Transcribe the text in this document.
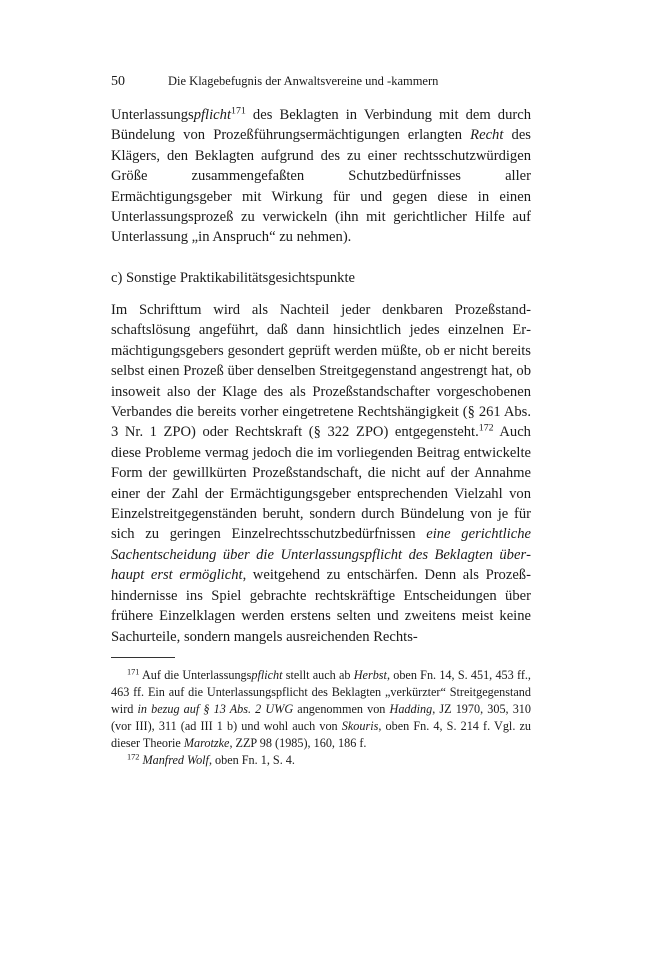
50	Die Klagebefugnis der Anwaltsvereine und -kammern

Unterlassungspflicht$^{171}$ des Beklagten in Verbindung mit dem durch Bündelung von Prozeßführungsermächtigungen erlangten Recht des Klägers, den Beklagten aufgrund des zu einer rechtsschutzwürdigen Größe zusammengefaßten Schutzbedürfnisses aller Ermächtigungsgeber mit Wirkung für und gegen diese in einen Unterlassungsprozeß zu verwickeln (ihn mit gerichtlicher Hilfe auf Unterlassung „in Anspruch“ zu nehmen).

c) Sonstige Praktikabilitätsgesichtspunkte

Im Schrifttum wird als Nachteil jeder denkbaren Prozeßstandschaftslösung angeführt, daß dann hinsichtlich jedes einzelnen Ermächtigungsgebers gesondert geprüft werden müßte, ob er nicht bereits selbst einen Prozeß über denselben Streitgegenstand angestrengt hat, ob insoweit also der Klage des als Prozeßstandschafter vorgeschobenen Verbandes die bereits vorher eingetretene Rechtshängigkeit (§ 261 Abs. 3 Nr. 1 ZPO) oder Rechtskraft (§ 322 ZPO) entgegensteht.$^{172}$ Auch diese Probleme vermag jedoch die im vorliegenden Beitrag entwickelte Form der gewillkürten Prozeßstandschaft, die nicht auf der Annahme einer der Zahl der Ermächtigungsgeber entsprechenden Vielzahl von Einzelstreitgegenständen beruht, sondern durch Bündelung von je für sich zu geringen Einzelrechtsschutzbedürfnissen eine gerichtliche Sachentscheidung über die Unterlassungspflicht des Beklagten überhaupt erst ermöglicht, weitgehend zu entschärfen. Denn als Prozeßhindernisse ins Spiel gebrachte rechtskräftige Entscheidungen über frühere Einzelklagen werden erstens selten und zweitens meist keine Sachurteile, sondern mangels ausreichenden Rechts-

$^{171}$ Auf die Unterlassungspflicht stellt auch ab Herbst, oben Fn. 14, S. 451, 453 ff., 463 ff. Ein auf die Unterlassungspflicht des Beklagten „verkürzter“ Streitgegenstand wird in bezug auf § 13 Abs. 2 UWG angenommen von Hadding, JZ 1970, 305, 310 (vor III), 311 (ad III 1 b) und wohl auch von Skouris, oben Fn. 4, S. 214 f. Vgl. zu dieser Theorie Marotzke, ZZP 98 (1985), 160, 186 f.

$^{172}$ Manfred Wolf, oben Fn. 1, S. 4.
